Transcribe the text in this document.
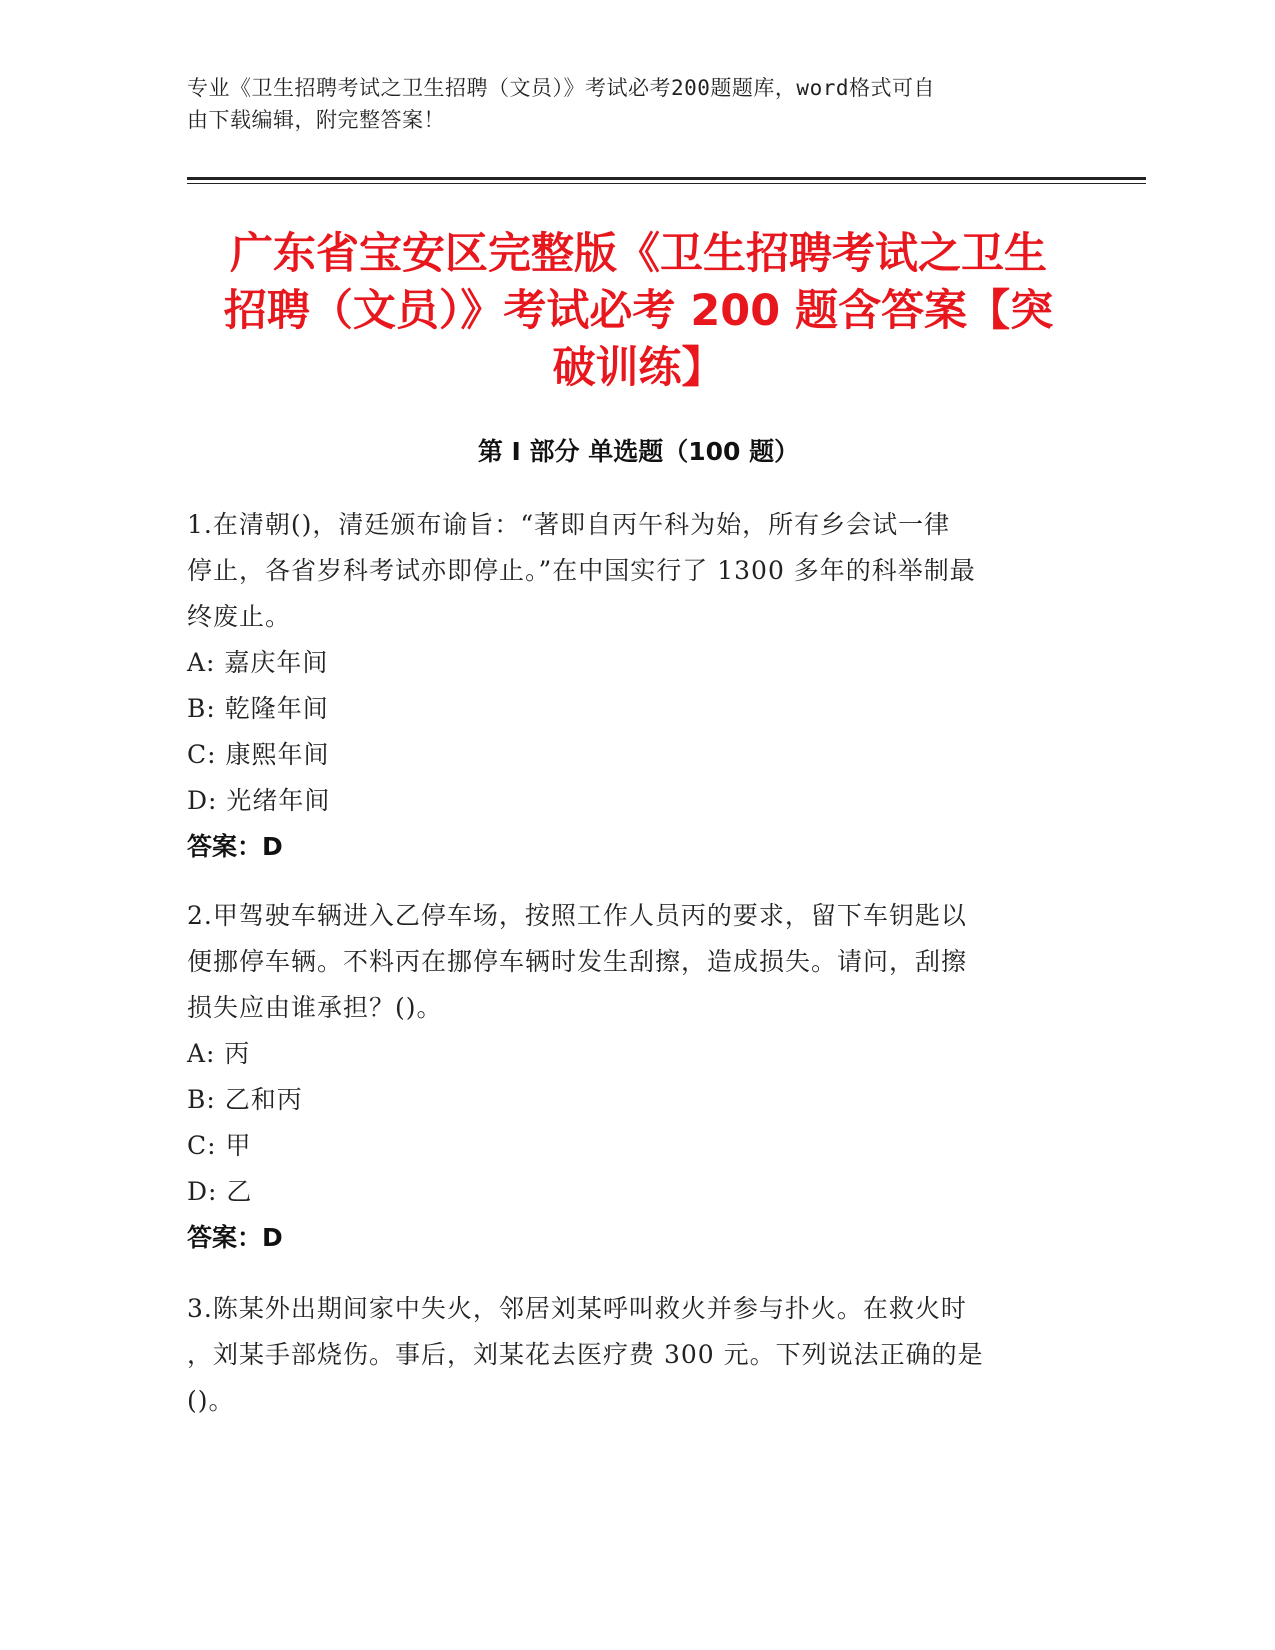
专业《卫生招聘考试之卫生招聘（文员）》考试必考200题题库，word格式可自
由下载编辑，附完整答案！
广东省宝安区完整版《卫生招聘考试之卫生
招聘（文员）》考试必考 200 题含答案【突
破训练】
第 I 部分 单选题（100 题）
1.在清朝()，清廷颁布谕旨：“著即自丙午科为始，所有乡会试一律
停止，各省岁科考试亦即停止。”在中国实行了 1300 多年的科举制最
终废止。
A: 嘉庆年间
B: 乾隆年间
C: 康熙年间
D: 光绪年间
答案：D
2.甲驾驶车辆进入乙停车场，按照工作人员丙的要求，留下车钥匙以
便挪停车辆。不料丙在挪停车辆时发生刮擦，造成损失。请问，刮擦
损失应由谁承担？()。
A: 丙
B: 乙和丙
C: 甲
D: 乙
答案：D
3.陈某外出期间家中失火，邻居刘某呼叫救火并参与扑火。在救火时
，刘某手部烧伤。事后，刘某花去医疗费 300 元。下列说法正确的是
()。
